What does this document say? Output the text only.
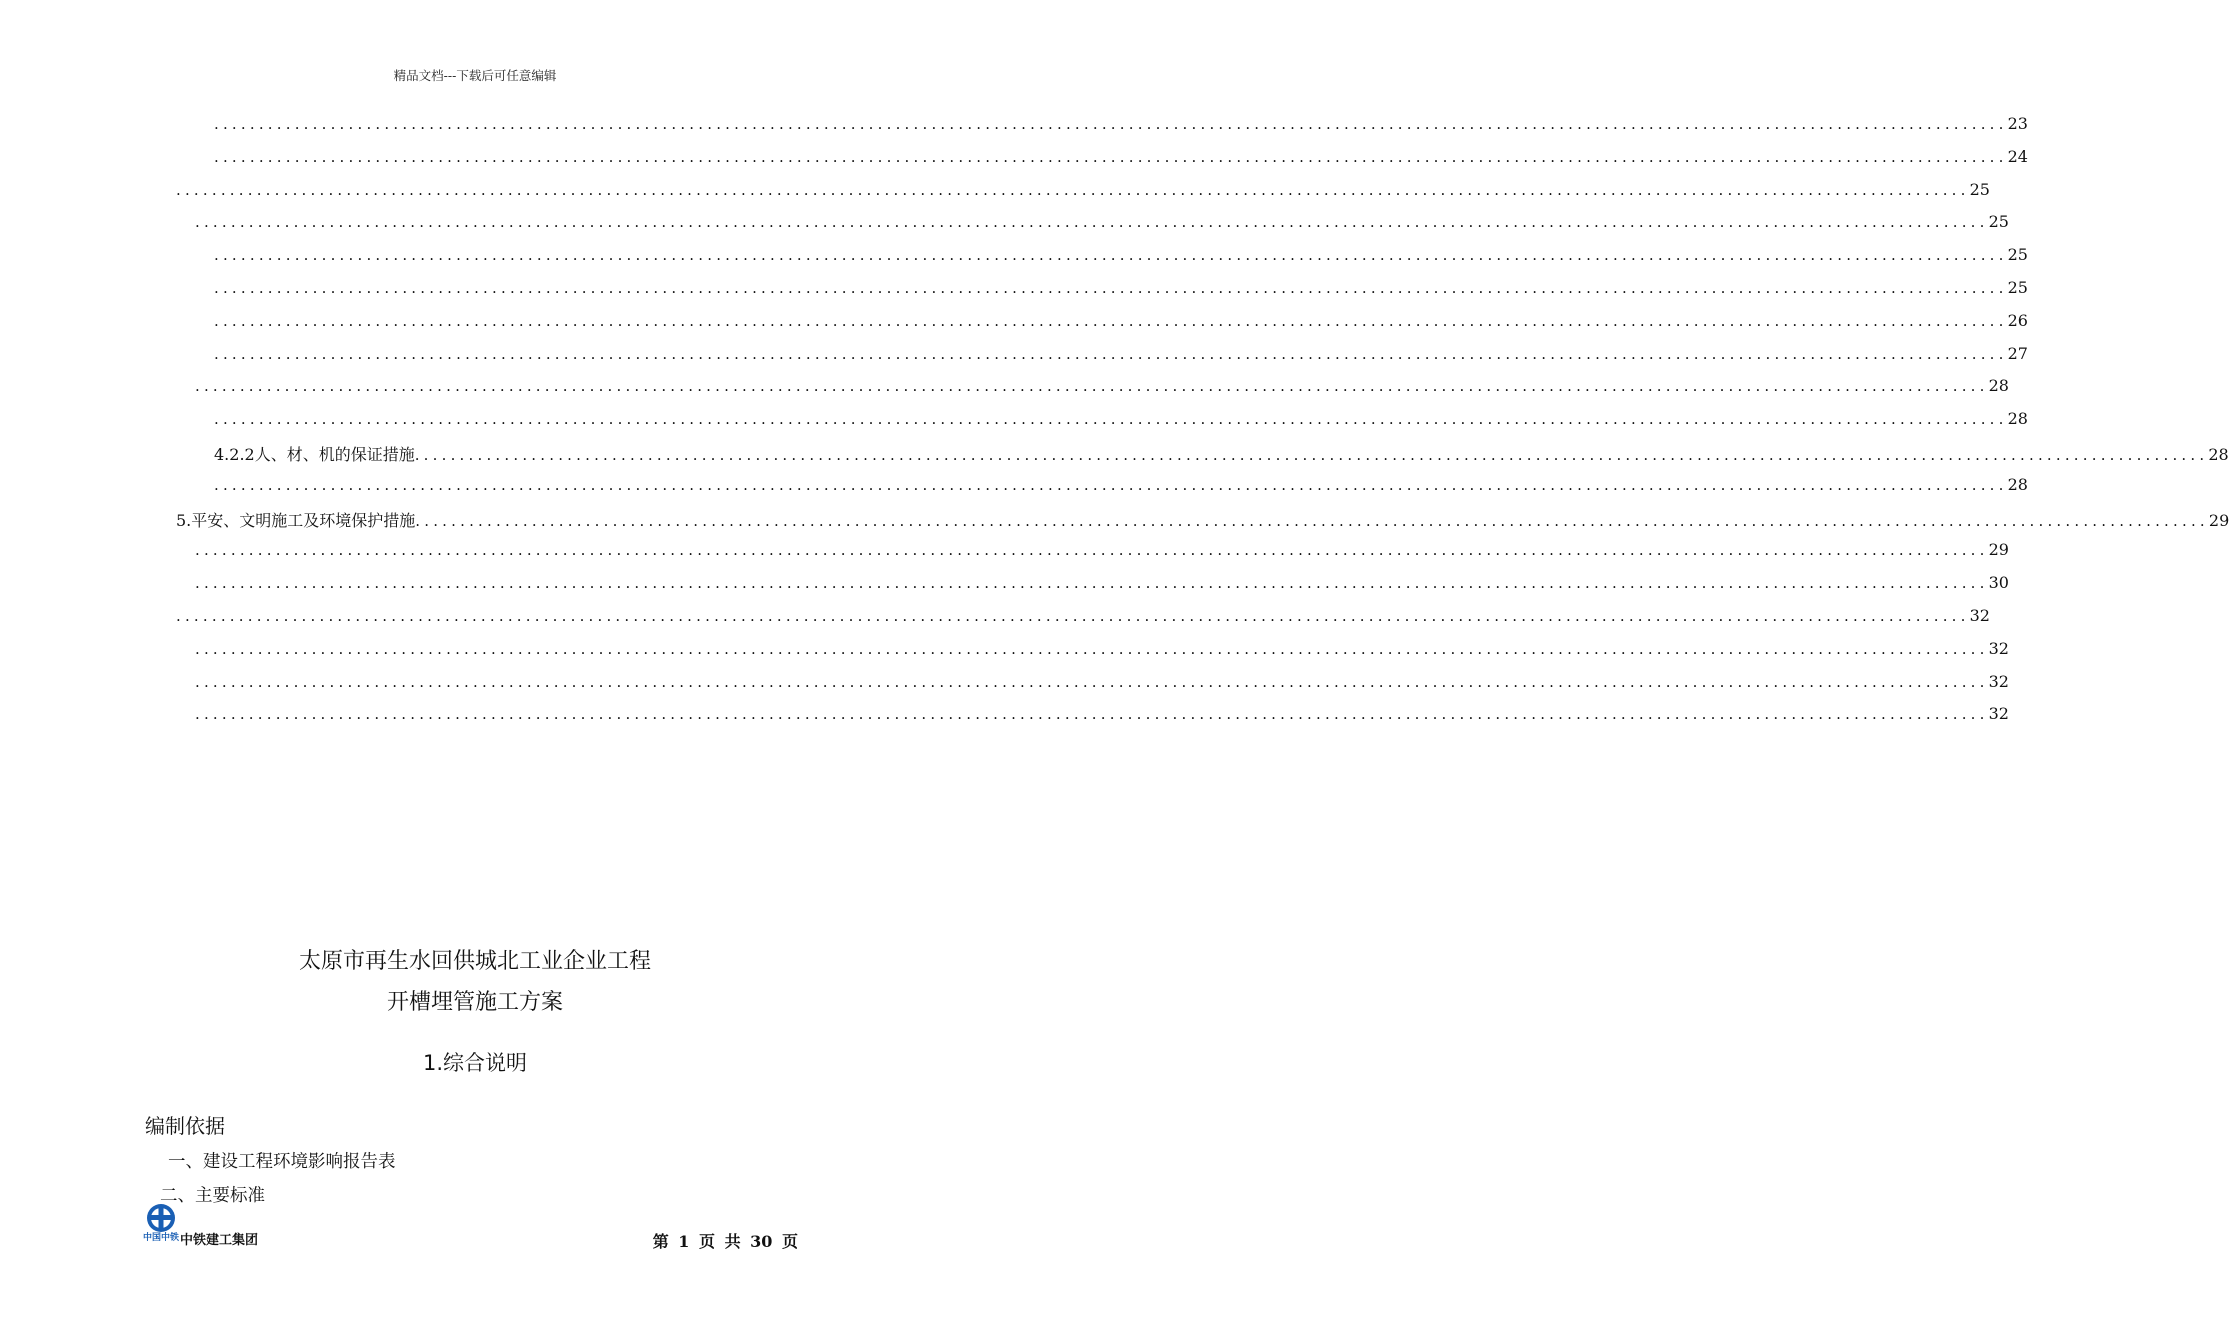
精品文档---下载后可任意编辑
........................................................................................................................................................................................................ 23
........................................................................................................................................................................................................ 24
........................................................................................................................................................................................................ 25
........................................................................................................................................................................................................ 25
........................................................................................................................................................................................................ 25
........................................................................................................................................................................................................ 25
........................................................................................................................................................................................................ 26
........................................................................................................................................................................................................ 27
........................................................................................................................................................................................................ 28
........................................................................................................................................................................................................ 28
4.2.2人、材、机的保证措施 ........................................................................................................................................................................................................ 28
........................................................................................................................................................................................................ 28
5.平安、文明施工及环境保护措施 ........................................................................................................................................................................................................ 29
........................................................................................................................................................................................................ 29
........................................................................................................................................................................................................ 30
........................................................................................................................................................................................................ 32
........................................................................................................................................................................................................ 32
........................................................................................................................................................................................................ 32
........................................................................................................................................................................................................ 32
太原市再生水回供城北工业企业工程
开槽埋管施工方案
1.综合说明
编制依据
一、建设工程环境影响报告表
二、主要标准
中国中铁 中铁建工集团	第 1 页 共 30 页
